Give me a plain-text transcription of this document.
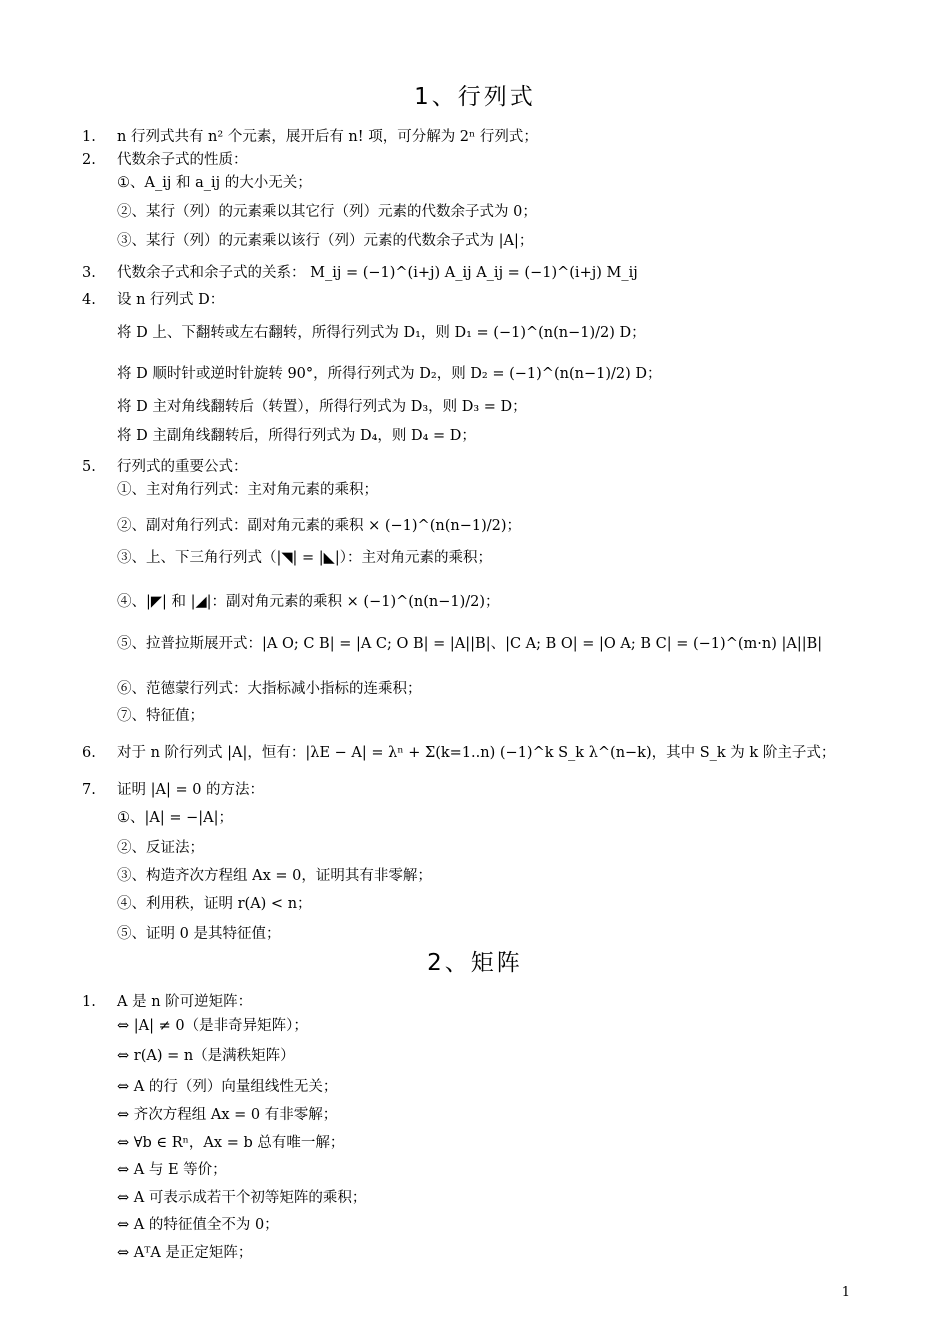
1、行列式
1. n 行列式共有 n² 个元素，展开后有 n! 项，可分解为 2ⁿ 行列式；
2. 代数余子式的性质：
①、A_ij 和 a_ij 的大小无关；
②、某行（列）的元素乘以其它行（列）元素的代数余子式为 0；
③、某行（列）的元素乘以该行（列）元素的代数余子式为 |A|；
3. 代数余子式和余子式的关系： M_ij = (−1)^(i+j) A_ij A_ij = (−1)^(i+j) M_ij
4. 设 n 行列式 D：
将 D 上、下翻转或左右翻转，所得行列式为 D₁，则 D₁ = (−1)^(n(n−1)/2) D；
将 D 顺时针或逆时针旋转 90°，所得行列式为 D₂，则 D₂ = (−1)^(n(n−1)/2) D；
将 D 主对角线翻转后（转置），所得行列式为 D₃，则 D₃ = D；
将 D 主副角线翻转后，所得行列式为 D₄，则 D₄ = D；
5. 行列式的重要公式：
①、主对角行列式：主对角元素的乘积；
②、副对角行列式：副对角元素的乘积 × (−1)^(n(n−1)/2)；
③、上、下三角行列式（|◥| = |◣|）：主对角元素的乘积；
④、|◤| 和 |◢|：副对角元素的乘积 × (−1)^(n(n−1)/2)；
⑤、拉普拉斯展开式：|A O; C B| = |A C; O B| = |A||B|、|C A; B O| = |O A; B C| = (−1)^(m·n) |A||B|
⑥、范德蒙行列式：大指标减小指标的连乘积；
⑦、特征值；
6. 对于 n 阶行列式 |A|，恒有：|λE − A| = λⁿ + Σ(k=1..n) (−1)^k S_k λ^(n−k)，其中 S_k 为 k 阶主子式；
7. 证明 |A| = 0 的方法：
①、|A| = −|A|；
②、反证法；
③、构造齐次方程组 Ax = 0，证明其有非零解；
④、利用秩，证明 r(A) < n；
⑤、证明 0 是其特征值；
2、矩阵
1. A 是 n 阶可逆矩阵：
⇔ |A| ≠ 0（是非奇异矩阵）；
⇔ r(A) = n（是满秩矩阵）
⇔ A 的行（列）向量组线性无关；
⇔ 齐次方程组 Ax = 0 有非零解；
⇔ ∀b ∈ Rⁿ，Ax = b 总有唯一解；
⇔ A 与 E 等价；
⇔ A 可表示成若干个初等矩阵的乘积；
⇔ A 的特征值全不为 0；
⇔ AᵀA 是正定矩阵；
1
